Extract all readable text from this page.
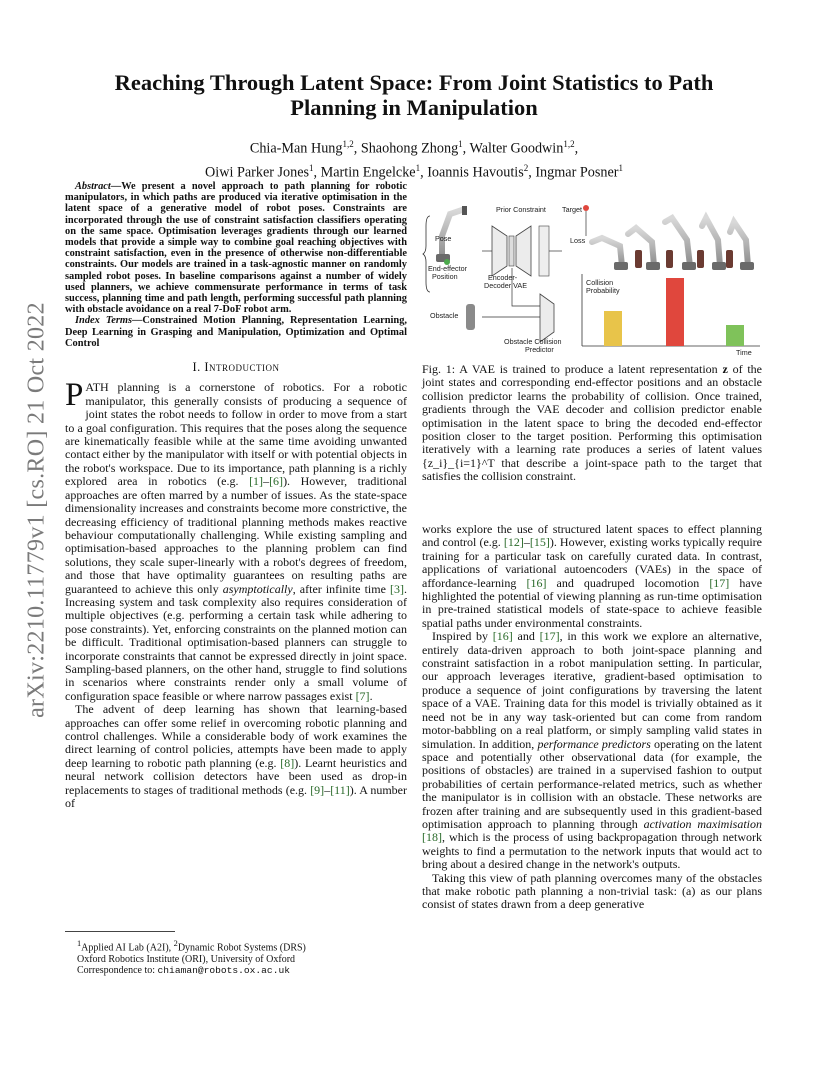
arXiv:2210.11779v1 [cs.RO] 21 Oct 2022
Reaching Through Latent Space: From Joint Statistics to Path
Planning in Manipulation
Chia-Man Hung$^{1,2}$, Shaohong Zhong$^1$, Walter Goodwin$^{1,2}$,
Oiwi Parker Jones$^1$, Martin Engelcke$^1$, Ioannis Havoutis$^2$, Ingmar Posner$^1$

Abstract—We present a novel approach to path planning for robotic manipulators, in which paths are produced via iterative optimisation in the latent space of a generative model of robot poses. Constraints are incorporated through the use of constraint satisfaction classifiers operating on the same space. Optimisation leverages gradients through our learned models that provide a simple way to combine goal reaching objectives with constraint satisfaction, even in the presence of otherwise non-differentiable constraints. Our models are trained in a task-agnostic manner on randomly sampled robot poses. In baseline comparisons against a number of widely used planners, we achieve commensurate performance in terms of task success, planning time and path length, performing successful path planning with obstacle avoidance on a real 7-DoF robot arm.

Index Terms—Constrained Motion Planning, Representation Learning, Deep Learning in Grasping and Manipulation, Optimization and Optimal Control

I. Introduction

PATH planning is a cornerstone of robotics. For a robotic manipulator, this generally consists of producing a sequence of joint states the robot needs to follow in order to move from a start to a goal configuration. This requires that the poses along the sequence are kinematically feasible while at the same time avoiding unwanted contact either by the manipulator with itself or with potential objects in the robot's workspace. Due to its importance, path planning is a richly explored area in robotics (e.g. [1]–[6]). However, traditional approaches are often marred by a number of issues. As the state-space dimensionality increases and constraints become more constrictive, the decreasing efficiency of traditional planning methods makes reactive behaviour computationally challenging. While existing sampling and optimisation-based approaches to the planning problem can find solutions, they scale super-linearly with a robot's degrees of freedom, and those that have optimality guarantees on resulting paths are guaranteed to achieve this only asymptotically, after infinite time [3]. Increasing system and task complexity also requires consideration of multiple objectives (e.g. performing a certain task while adhering to pose constraints). Yet, enforcing constraints on the planned motion can be difficult. Traditional optimisation-based planners can struggle to incorporate constraints that cannot be expressed directly in joint space. Sampling-based planners, on the other hand, struggle to find solutions in scenarios where constraints render only a small volume of configuration space feasible or where narrow passages exist [7].

The advent of deep learning has shown that learning-based approaches can offer some relief in overcoming robotic planning and control challenges. While a considerable body of work examines the direct learning of control policies, attempts have been made to apply deep learning to robotic path planning (e.g. [8]). Learnt heuristics and neural network collision detectors have been used as drop-in replacements to stages of traditional methods (e.g. [9]–[11]). A number of

$^1$Applied AI Lab (A2I), $^2$Dynamic Robot Systems (DRS)
Oxford Robotics Institute (ORI), University of Oxford
Correspondence to: chiaman@robots.ox.ac.uk
Pose
End-effector
Position
Obstacle
Prior Constraint Target
Loss
Encoder-
Decoder VAE
Obstacle Collision
Predictor
Collision
Probability
Time
Fig. 1: A VAE is trained to produce a latent representation z of the joint states and corresponding end-effector positions and an obstacle collision predictor learns the probability of collision. Once trained, gradients through the VAE decoder and collision predictor enable optimisation in the latent space to bring the decoded end-effector position closer to the target position. Performing this optimisation iteratively with a learning rate produces a series of latent values {z_i}_{i=1}^T that describe a joint-space path to the target that satisfies the collision constraint.

works explore the use of structured latent spaces to effect planning and control (e.g. [12]–[15]). However, existing works typically require training for a particular task on carefully curated data. In contrast, applications of variational autoencoders (VAEs) in the space of affordance-learning [16] and quadruped locomotion [17] have highlighted the potential of viewing planning as run-time optimisation in pre-trained statistical models of state-space to achieve feasible spatial paths under environmental constraints.

Inspired by [16] and [17], in this work we explore an alternative, entirely data-driven approach to both joint-space planning and constraint satisfaction in a robot manipulation setting. In particular, our approach leverages iterative, gradient-based optimisation to produce a sequence of joint configurations by traversing the latent space of a VAE. Training data for this model is trivially obtained as it need not be in any way task-oriented but can come from random motor-babbling on a real platform, or simply sampling valid states in simulation. In addition, performance predictors operating on the latent space and potentially other observational data (for example, the positions of obstacles) are trained in a supervised fashion to output probabilities of certain performance-related metrics, such as whether the manipulator is in collision with an obstacle. These networks are frozen after training and are subsequently used in this gradient-based optimisation approach to planning through activation maximisation [18], which is the process of using backpropagation through network weights to find a permutation to the network inputs that would act to bring about a desired change in the network's outputs.

Taking this view of path planning overcomes many of the obstacles that make robotic path planning a non-trivial task: (a) as our plans consist of states drawn from a deep generative
